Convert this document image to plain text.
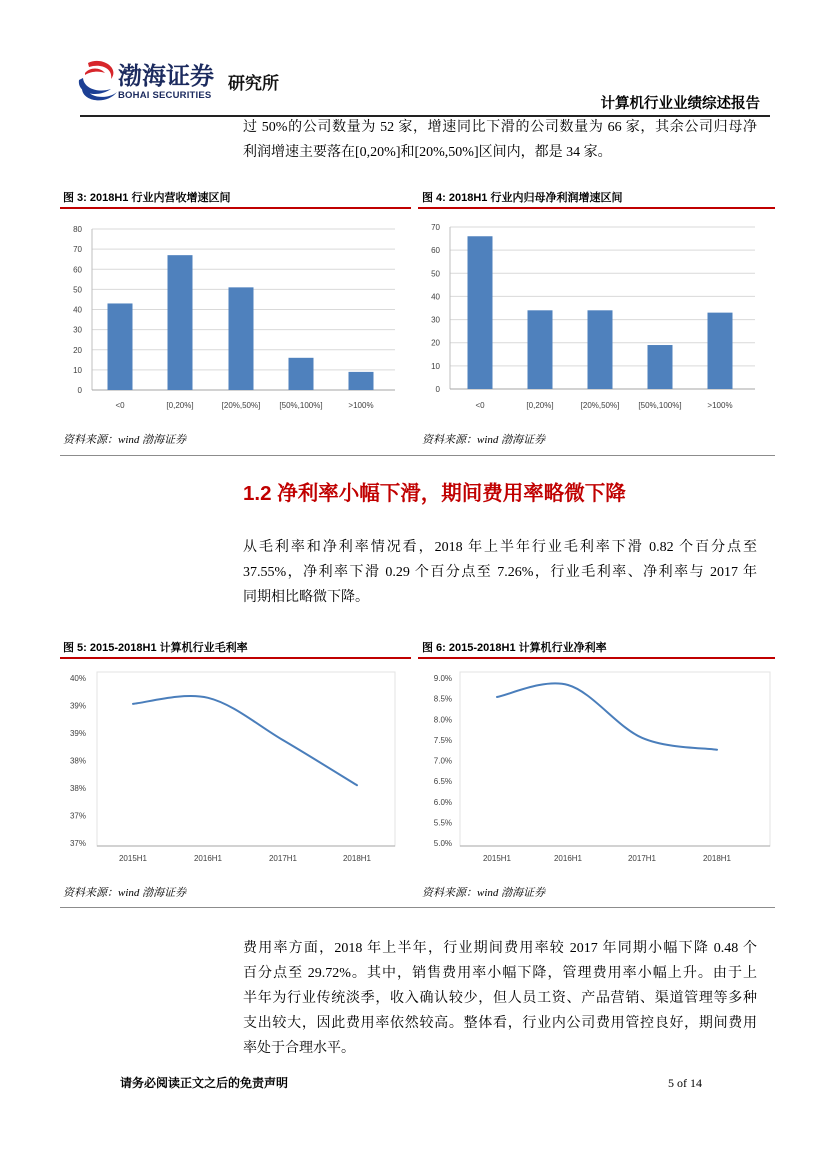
渤海证券
BOHAI SECURITIES
研究所
计算机行业业绩综述报告
过 50%的公司数量为 52 家，增速同比下滑的公司数量为 66 家，其余公司归母净
利润增速主要落在[0,20%]和[20%,50%]区间内，都是 34 家。
图 3: 2018H1 行业内营收增速区间	图 4: 2018H1 行业内归母净利润增速区间
0
10
20
30
40
50
60
70
80
<0	[0,20%]	[20%,50%] [50%,100%]	>100%
0
10
20
30
40
50
60
70
<0	[0,20%]	[20%,50%] [50%,100%]	>100%
资料来源：wind 渤海证券	资料来源：wind 渤海证券
1.2 净利率小幅下滑，期间费用率略微下降
从毛利率和净利率情况看，2018 年上半年行业毛利率下滑 0.82 个百分点至
37.55%，净利率下滑 0.29 个百分点至 7.26%，行业毛利率、净利率与 2017 年
同期相比略微下降。
图 5: 2015-2018H1 计算机行业毛利率	图 6: 2015-2018H1 计算机行业净利率
37%
37%
38%
38%
39%
39%
40%
2015H1	2016H1	2017H1	2018H1
5.0%
5.5%
6.0%
6.5%
7.0%
7.5%
8.0%
8.5%
9.0%
2015H1	2016H1	2017H1	2018H1
资料来源：wind 渤海证券	资料来源：wind 渤海证券
费用率方面，2018 年上半年，行业期间费用率较 2017 年同期小幅下降 0.48 个
百分点至 29.72%。其中，销售费用率小幅下降，管理费用率小幅上升。由于上
半年为行业传统淡季，收入确认较少，但人员工资、产品营销、渠道管理等多种
支出较大，因此费用率依然较高。整体看，行业内公司费用管控良好，期间费用
率处于合理水平。
请务必阅读正文之后的免责声明	5 of 14
